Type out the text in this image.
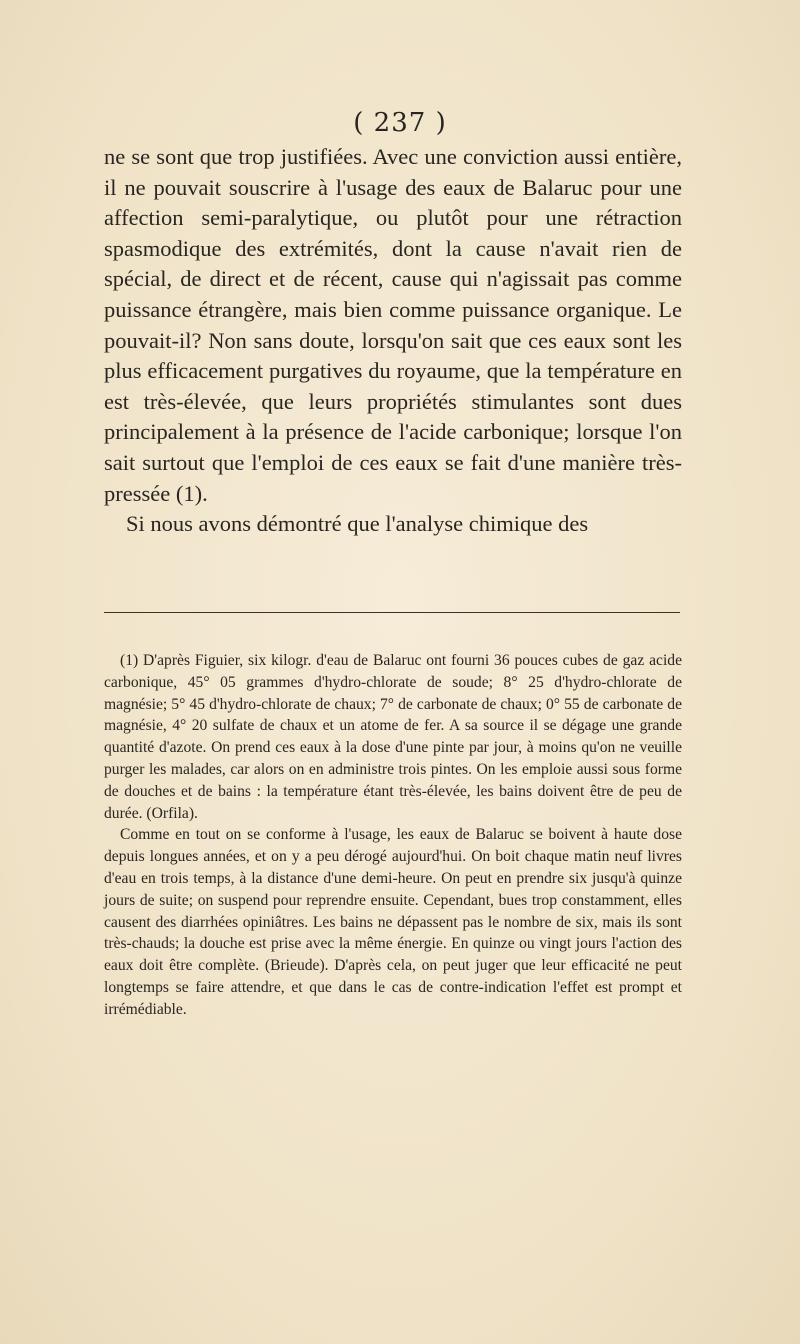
( 237 )

ne se sont que trop justifiées. Avec une conviction aussi entière, il ne pouvait souscrire à l'usage des eaux de Balaruc pour une affection semi-paralytique, ou plutôt pour une rétraction spasmodique des extrémités, dont la cause n'avait rien de spécial, de direct et de récent, cause qui n'agissait pas comme puissance étrangère, mais bien comme puissance organique. Le pouvait-il? Non sans doute, lorsqu'on sait que ces eaux sont les plus efficacement purgatives du royaume, que la température en est très-élevée, que leurs propriétés stimulantes sont dues principalement à la présence de l'acide carbonique; lorsque l'on sait surtout que l'emploi de ces eaux se fait d'une manière très-pressée (1).

Si nous avons démontré que l'analyse chimique des

(1) D'après Figuier, six kilogr. d'eau de Balaruc ont fourni 36 pouces cubes de gaz acide carbonique, 45° 05 grammes d'hydro-chlorate de soude; 8° 25 d'hydro-chlorate de magnésie; 5° 45 d'hydro-chlorate de chaux; 7° de carbonate de chaux; 0° 55 de carbonate de magnésie, 4° 20 sulfate de chaux et un atome de fer. A sa source il se dégage une grande quantité d'azote. On prend ces eaux à la dose d'une pinte par jour, à moins qu'on ne veuille purger les malades, car alors on en administre trois pintes. On les emploie aussi sous forme de douches et de bains : la température étant très-élevée, les bains doivent être de peu de durée. (Orfila).

Comme en tout on se conforme à l'usage, les eaux de Balaruc se boivent à haute dose depuis longues années, et on y a peu dérogé aujourd'hui. On boit chaque matin neuf livres d'eau en trois temps, à la distance d'une demi-heure. On peut en prendre six jusqu'à quinze jours de suite; on suspend pour reprendre ensuite. Cependant, bues trop constamment, elles causent des diarrhées opiniâtres. Les bains ne dépassent pas le nombre de six, mais ils sont très-chauds; la douche est prise avec la même énergie. En quinze ou vingt jours l'action des eaux doit être complète. (Brieude). D'après cela, on peut juger que leur efficacité ne peut longtemps se faire attendre, et que dans le cas de contre-indication l'effet est prompt et irrémédiable.
